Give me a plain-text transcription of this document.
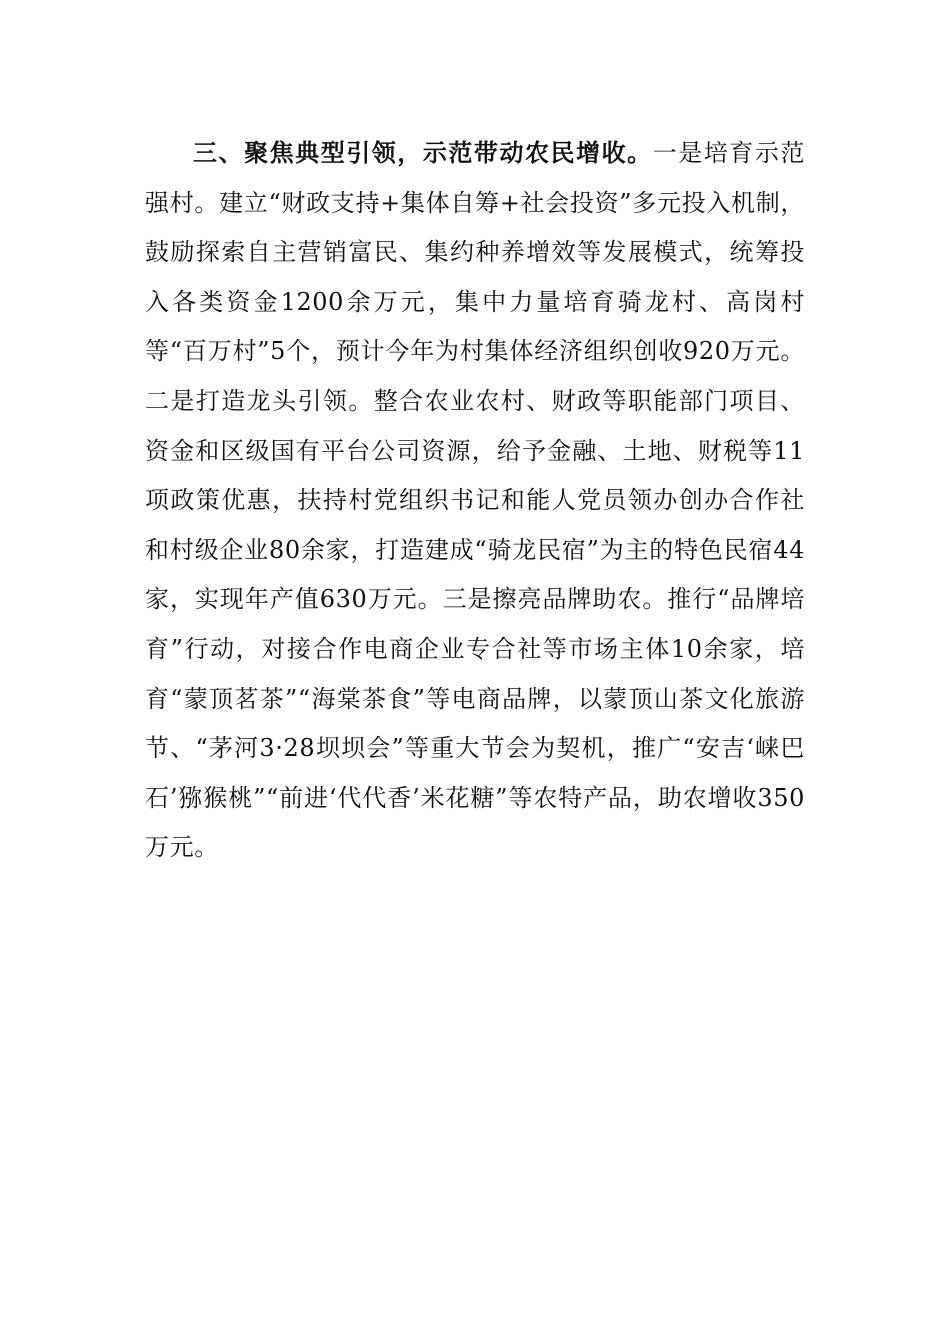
三、聚焦典型引领，示范带动农民增收。一是培育示范强村。建立“财政支持+集体自筹+社会投资”多元投入机制，鼓励探索自主营销富民、集约种养增效等发展模式，统筹投入各类资金1200余万元，集中力量培育骑龙村、高岗村等“百万村”5个，预计今年为村集体经济组织创收920万元。二是打造龙头引领。整合农业农村、财政等职能部门项目、资金和区级国有平台公司资源，给予金融、土地、财税等11项政策优惠，扶持村党组织书记和能人党员领办创办合作社和村级企业80余家，打造建成“骑龙民宿”为主的特色民宿44家，实现年产值630万元。三是擦亮品牌助农。推行“品牌培育”行动，对接合作电商企业专合社等市场主体10余家，培育“蒙顶茗茶”“海棠茶食”等电商品牌，以蒙顶山茶文化旅游节、“茅河3·28坝坝会”等重大节会为契机，推广“安吉‘崃巴石’猕猴桃”“前进‘代代香’米花糖”等农特产品，助农增收350万元。
